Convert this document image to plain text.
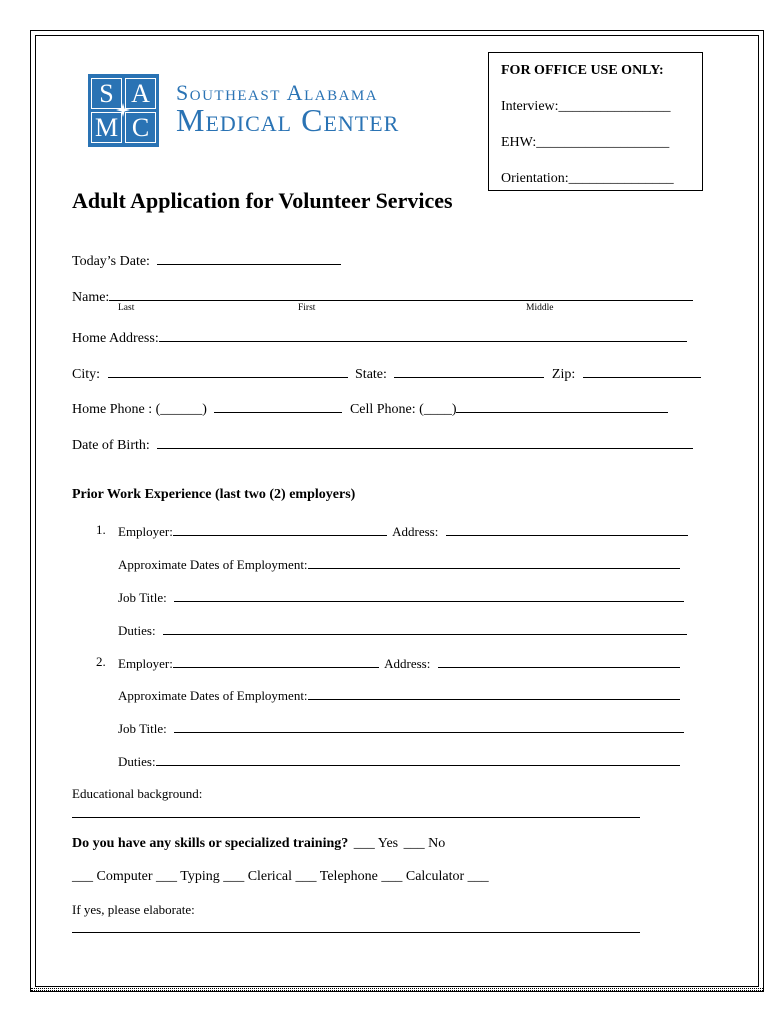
S A
M C
Southeast Alabama
Medical Center
FOR OFFICE USE ONLY:
Interview:________________
EHW:___________________
Orientation:_______________
Adult Application for Volunteer Services
Today’s Date:
Name:
Last	First	Middle
Home Address:
City:	State:	Zip:
Home Phone : (______)	Cell Phone: (____)
Date of Birth:
Prior Work Experience (last two (2) employers)
1. Employer:	Address:
Approximate Dates of Employment:
Job Title:
Duties:
2. Employer:	Address:
Approximate Dates of Employment:
Job Title:
Duties:
Educational background:
Do you have any skills or specialized training? ___ Yes ___ No
___ Computer ___ Typing ___ Clerical ___ Telephone ___ Calculator ___
If yes, please elaborate:
